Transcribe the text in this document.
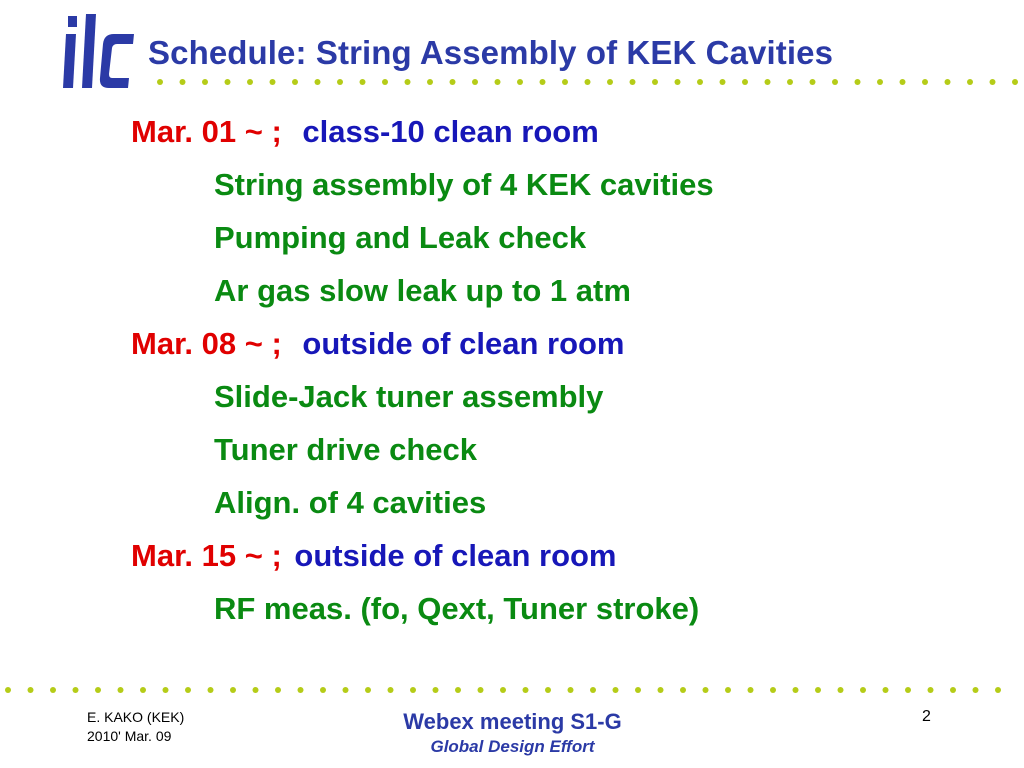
Schedule: String Assembly of KEK Cavities
Mar. 01 ~ ; class-10 clean room
String assembly of 4 KEK cavities
Pumping and Leak check
Ar gas slow leak up to 1 atm
Mar. 08 ~ ; outside of clean room
Slide-Jack tuner assembly
Tuner drive check
Align. of 4 cavities
Mar. 15 ~ ; outside of clean room
RF meas. (fo, Qext, Tuner stroke)
E. KAKO (KEK)
2010' Mar. 09
Webex meeting S1-G
Global Design Effort
2
